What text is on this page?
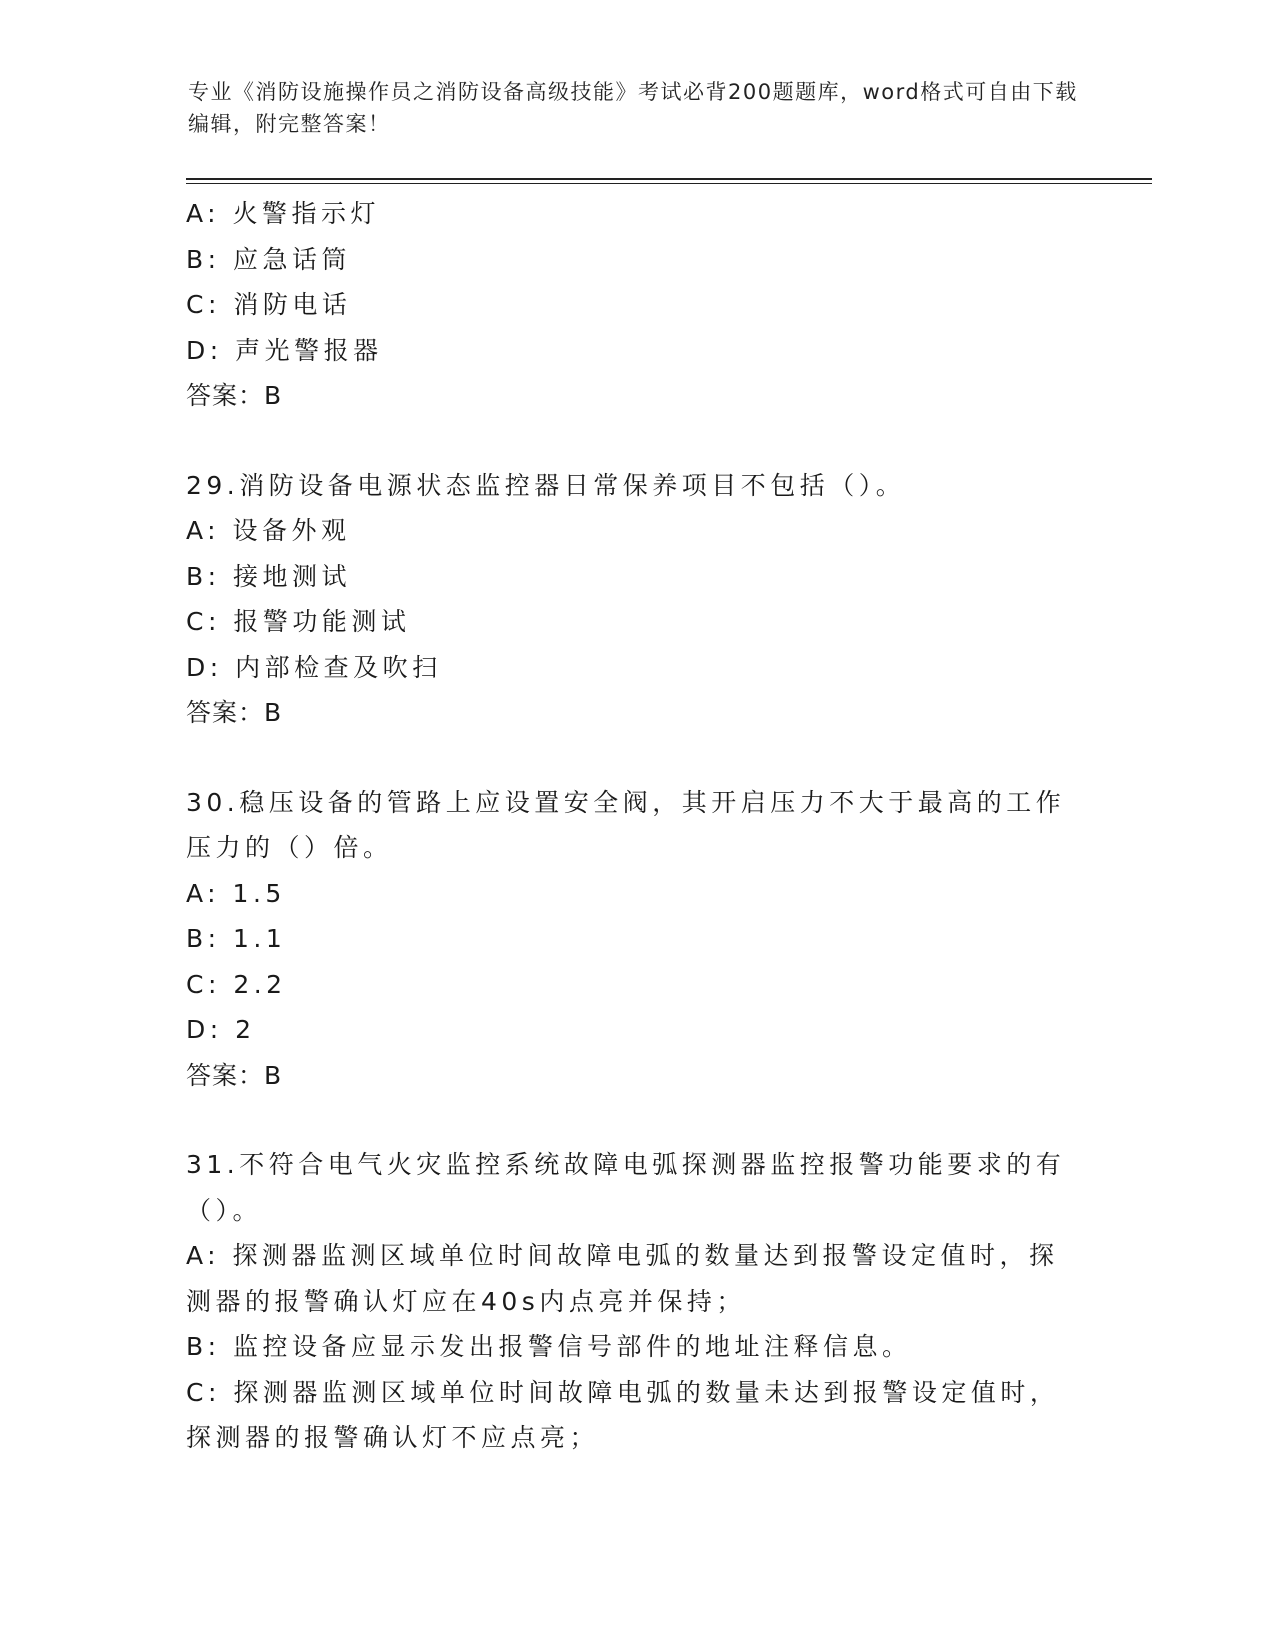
专业《消防设施操作员之消防设备高级技能》考试必背200题题库，word格式可自由下载编辑，附完整答案！
A: 火警指示灯
B: 应急话筒
C: 消防电话
D: 声光警报器
答案：B
29.消防设备电源状态监控器日常保养项目不包括（）。
A: 设备外观
B: 接地测试
C: 报警功能测试
D: 内部检查及吹扫
答案：B
30.稳压设备的管路上应设置安全阀，其开启压力不大于最高的工作压力的（）倍。
A: 1.5
B: 1.1
C: 2.2
D: 2
答案：B
31.不符合电气火灾监控系统故障电弧探测器监控报警功能要求的有（）。
A: 探测器监测区域单位时间故障电弧的数量达到报警设定值时，探测器的报警确认灯应在40s内点亮并保持；
B: 监控设备应显示发出报警信号部件的地址注释信息。
C: 探测器监测区域单位时间故障电弧的数量未达到报警设定值时，探测器的报警确认灯不应点亮；
